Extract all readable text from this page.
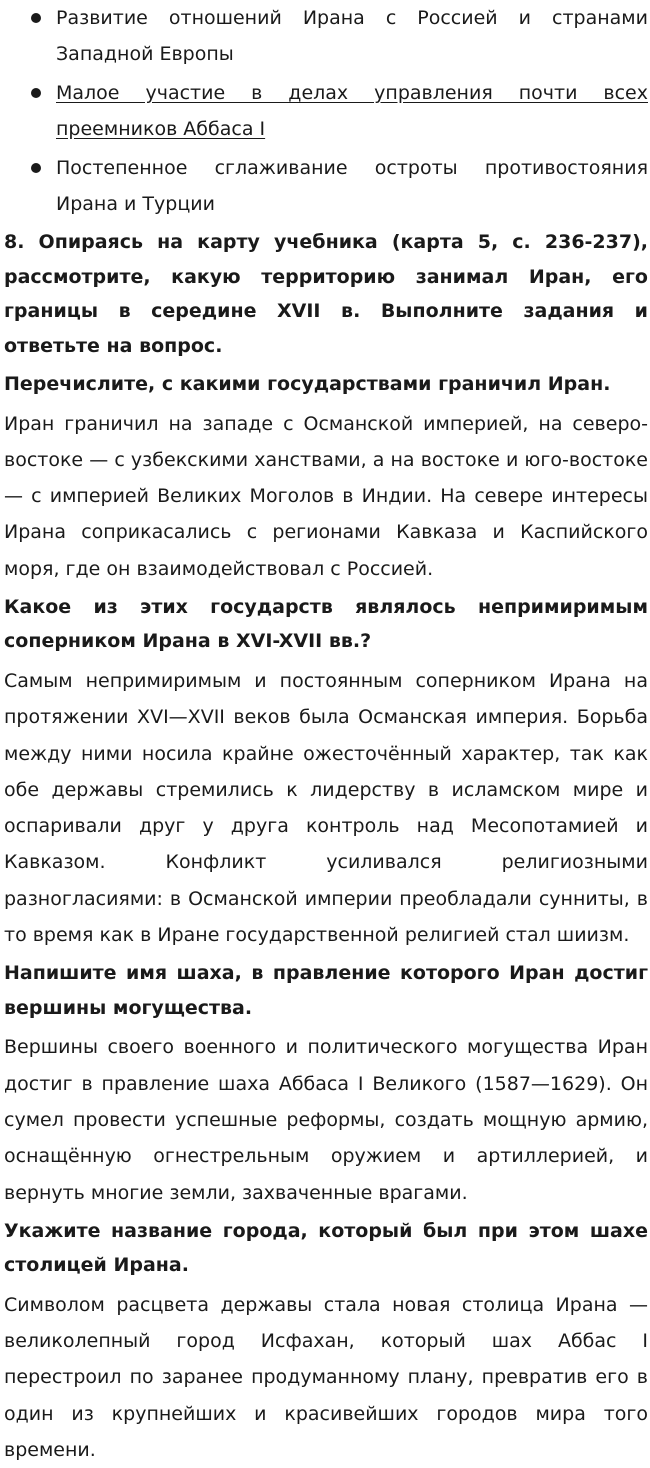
Развитие отношений Ирана с Россией и странами Западной Европы
Малое участие в делах управления почти всех преемников Аббаса I
Постепенное сглаживание остроты противостояния Ирана и Турции

8. Опираясь на карту учебника (карта 5, с. 236-237), рассмотрите, какую территорию занимал Иран, его границы в середине XVII в. Выполните задания и ответьте на вопрос.

Перечислите, с какими государствами граничил Иран.

Иран граничил на западе с Османской империей, на северо-востоке — с узбекскими ханствами, а на востоке и юго-востоке — с империей Великих Моголов в Индии. На севере интересы Ирана соприкасались с регионами Кавказа и Каспийского моря, где он взаимодействовал с Россией.

Какое из этих государств являлось непримиримым соперником Ирана в XVI-XVII вв.?

Самым непримиримым и постоянным соперником Ирана на протяжении XVI—XVII веков была Османская империя. Борьба между ними носила крайне ожесточённый характер, так как обе державы стремились к лидерству в исламском мире и оспаривали друг у друга контроль над Месопотамией и Кавказом. Конфликт усиливался религиозными разногласиями: в Османской империи преобладали сунниты, в то время как в Иране государственной религией стал шиизм.

Напишите имя шаха, в правление которого Иран достиг вершины могущества.

Вершины своего военного и политического могущества Иран достиг в правление шаха Аббаса I Великого (1587—1629). Он сумел провести успешные реформы, создать мощную армию, оснащённую огнестрельным оружием и артиллерией, и вернуть многие земли, захваченные врагами.

Укажите название города, который был при этом шахе столицей Ирана.

Символом расцвета державы стала новая столица Ирана — великолепный город Исфахан, который шах Аббас I перестроил по заранее продуманному плану, превратив его в один из крупнейших и красивейших городов мира того времени.
